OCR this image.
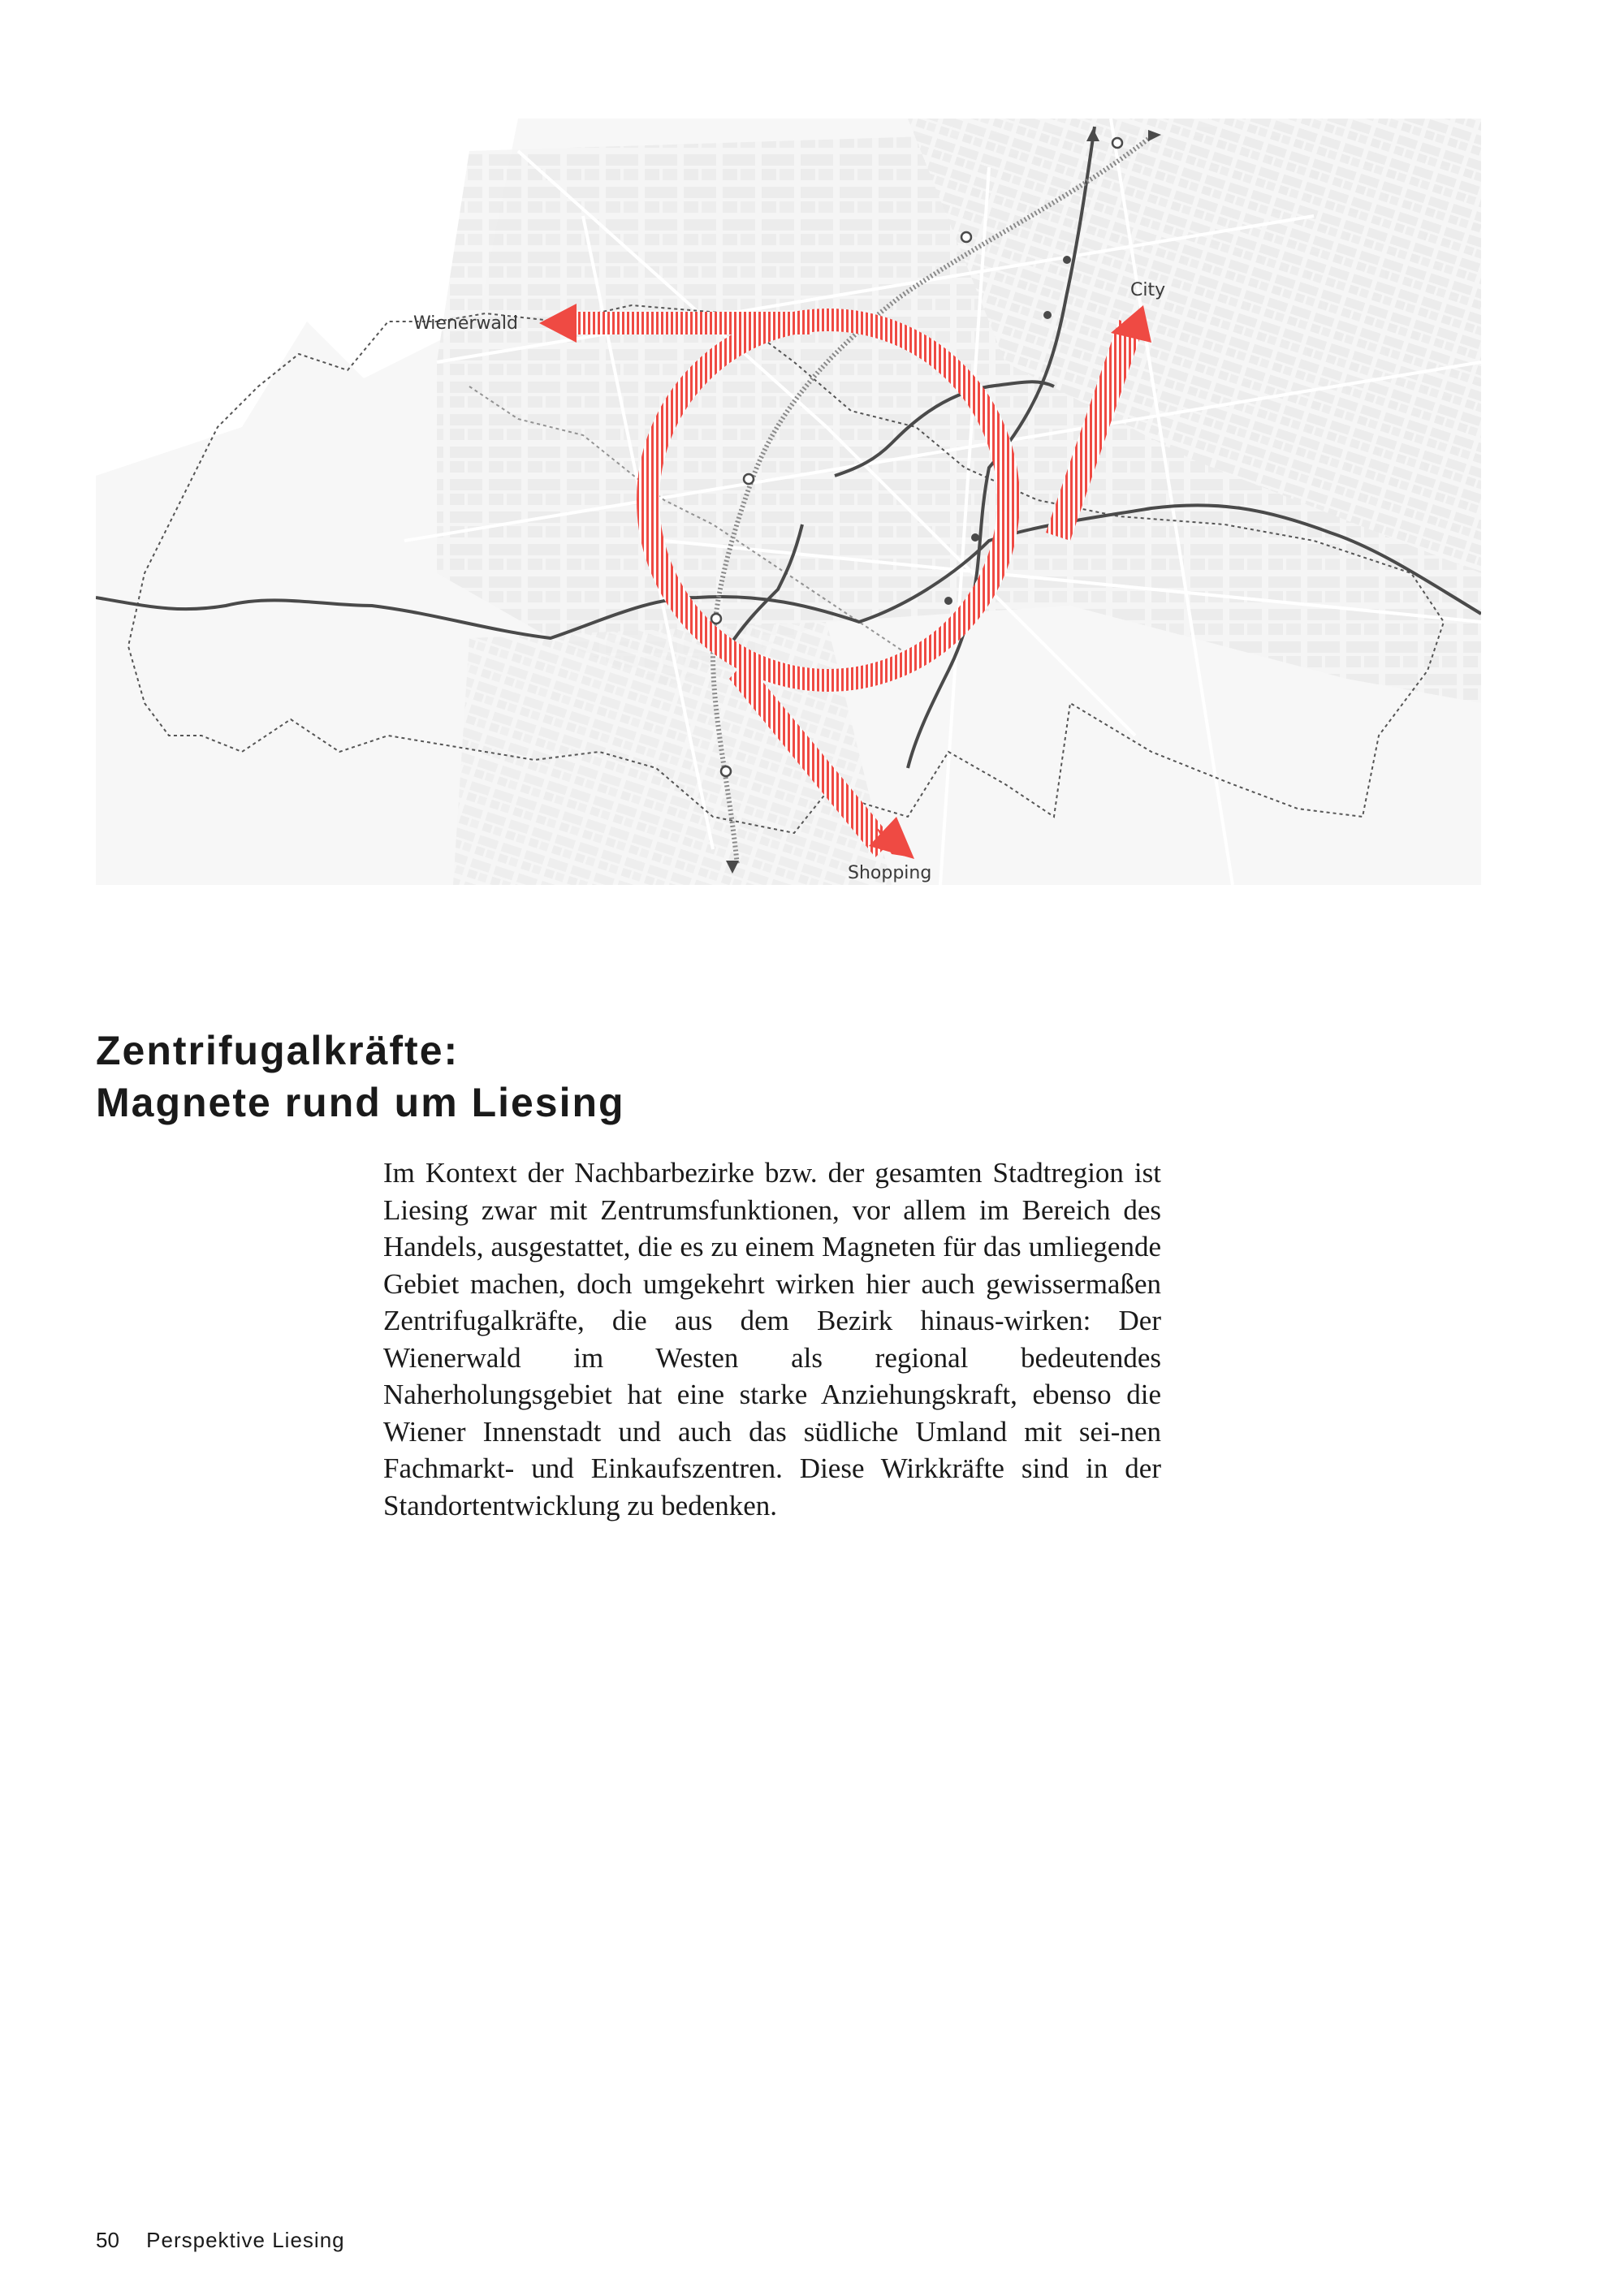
Wienerwald
City
Shopping
Zentrifugalkräfte:
Magnete rund um Liesing

Im Kontext der Nachbarbezirke bzw. der gesamten Stadtregion ist Liesing zwar mit Zentrumsfunktionen, vor allem im Bereich des Handels, ausgestattet, die es zu einem Magneten für das umliegende Gebiet machen, doch umgekehrt wirken hier auch gewissermaßen Zentrifugalkräfte, die aus dem Bezirk hinaus-wirken: Der Wienerwald im Westen als regional bedeutendes Naherholungsgebiet hat eine starke Anziehungskraft, ebenso die Wiener Innenstadt und auch das südliche Umland mit sei-nen Fachmarkt- und Einkaufszentren. Diese Wirkkräfte sind in der Standortentwicklung zu bedenken.

50 Perspektive Liesing
